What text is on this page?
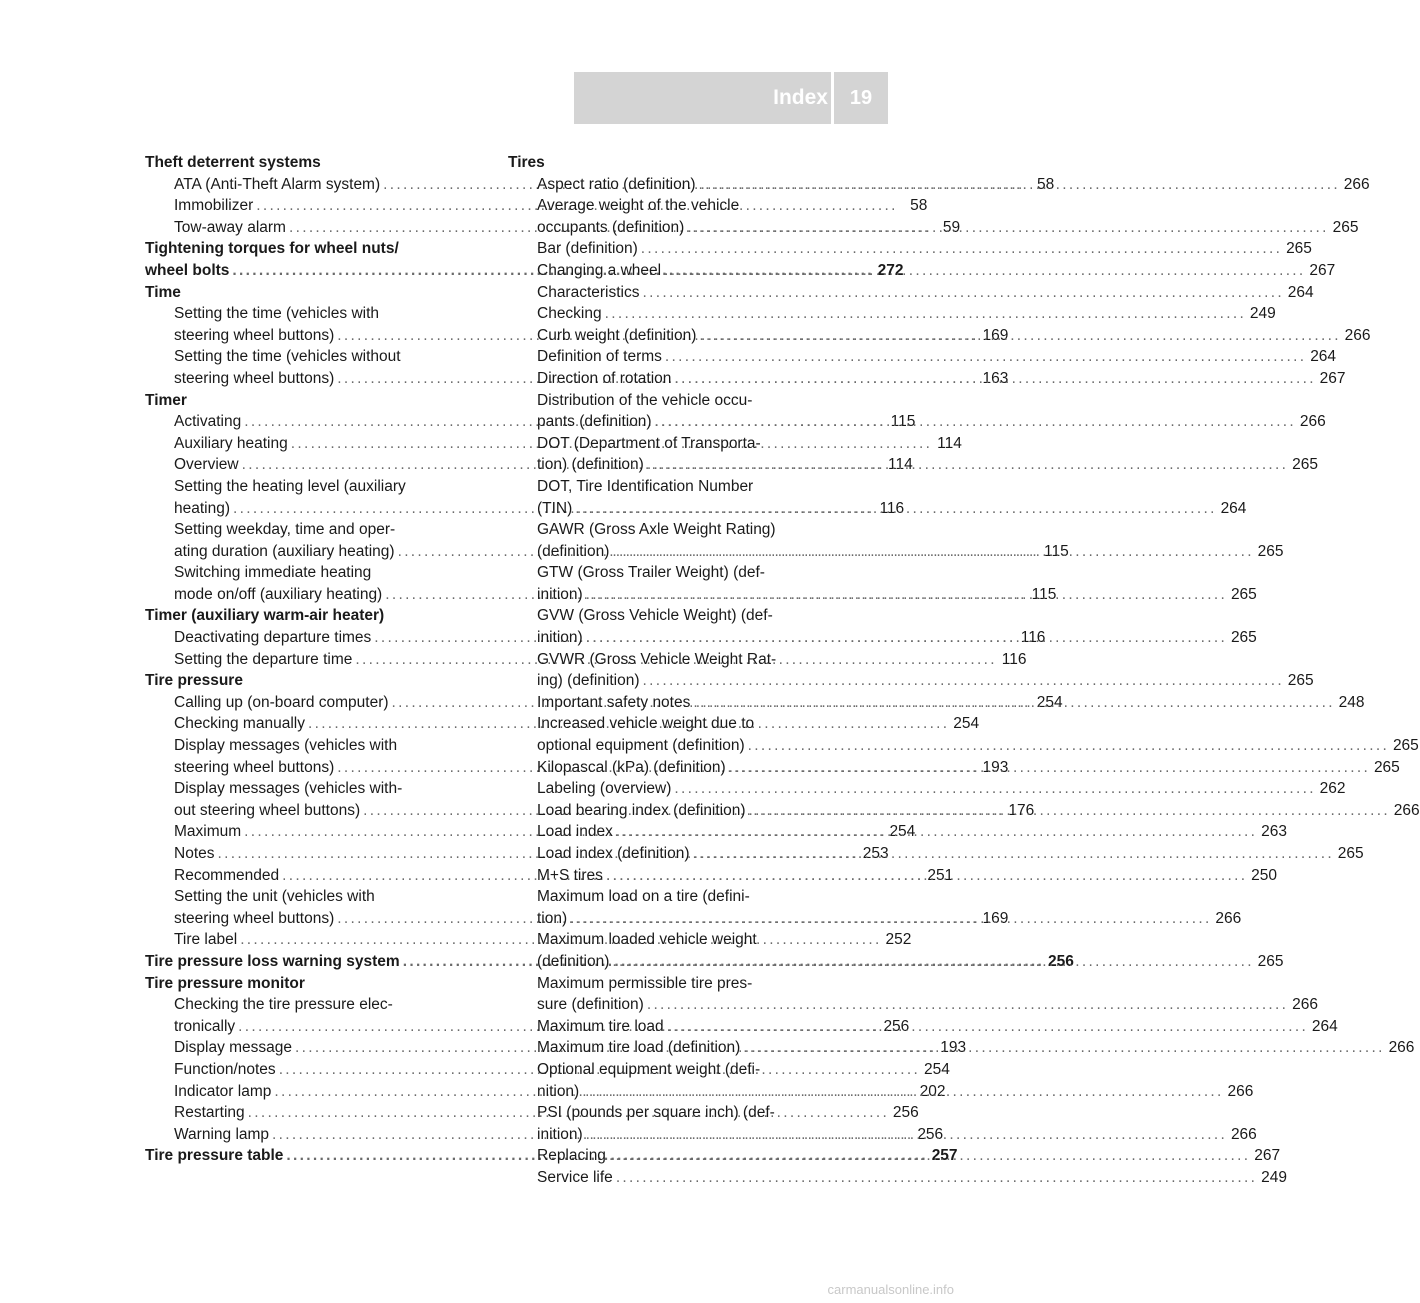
Index	19
Theft deterrent systems
ATA (Anti-Theft Alarm system) . . .	58
Immobilizer . . .	58
Tow-away alarm . . .	59
Tightening torques for wheel nuts/
wheel bolts . . .	272
Time
Setting the time (vehicles with
steering wheel buttons) . . .	169
Setting the time (vehicles without
steering wheel buttons) . . .	163
Timer
Activating . . .	115
Auxiliary heating . . .	114
Overview . . .	114
Setting the heating level (auxiliary
heating) . . .	116
Setting weekday, time and oper-
ating duration (auxiliary heating) . . .	115
Switching immediate heating
mode on/off (auxiliary heating) . . .	115
Timer (auxiliary warm-air heater)
Deactivating departure times . . .	116
Setting the departure time . . .	116
Tire pressure
Calling up (on-board computer) . . .	254
Checking manually . . .	254
Display messages (vehicles with
steering wheel buttons) . . .	193
Display messages (vehicles with-
out steering wheel buttons) . . .	176
Maximum . . .	254
Notes . . .	253
Recommended . . .	251
Setting the unit (vehicles with
steering wheel buttons) . . .	169
Tire label . . .	252
Tire pressure loss warning system . . .	256
Tire pressure monitor
Checking the tire pressure elec-
tronically . . .	256
Display message . . .	193
Function/notes . . .	254
Indicator lamp . . .	202
Restarting . . .	256
Warning lamp . . .	256
Tire pressure table . . .	257
Tires
Aspect ratio (definition) . . .	266
Average weight of the vehicle
occupants (definition) . . .	265
Bar (definition) . . .	265
Changing a wheel . . .	267
Characteristics . . .	264
Checking . . .	249
Curb weight (definition) . . .	266
Definition of terms . . .	264
Direction of rotation . . .	267
Distribution of the vehicle occu-
pants (definition) . . .	266
DOT (Department of Transporta-
tion) (definition) . . .	265
DOT, Tire Identification Number
(TIN) . . .	264
GAWR (Gross Axle Weight Rating)
(definition) . . .	265
GTW (Gross Trailer Weight) (def-
inition) . . .	265
GVW (Gross Vehicle Weight) (def-
inition) . . .	265
GVWR (Gross Vehicle Weight Rat-
ing) (definition) . . .	265
Important safety notes . . .	248
Increased vehicle weight due to
optional equipment (definition) . . .	265
Kilopascal (kPa) (definition) . . .	265
Labeling (overview) . . .	262
Load bearing index (definition) . . .	266
Load index . . .	263
Load index (definition) . . .	265
M+S tires . . .	250
Maximum load on a tire (defini-
tion) . . .	266
Maximum loaded vehicle weight
(definition) . . .	265
Maximum permissible tire pres-
sure (definition) . . .	266
Maximum tire load . . .	264
Maximum tire load (definition) . . .	266
Optional equipment weight (defi-
nition) . . .	266
PSI (pounds per square inch) (def-
inition) . . .	266
Replacing . . .	267
Service life . . .	249
carmanualsonline.info
